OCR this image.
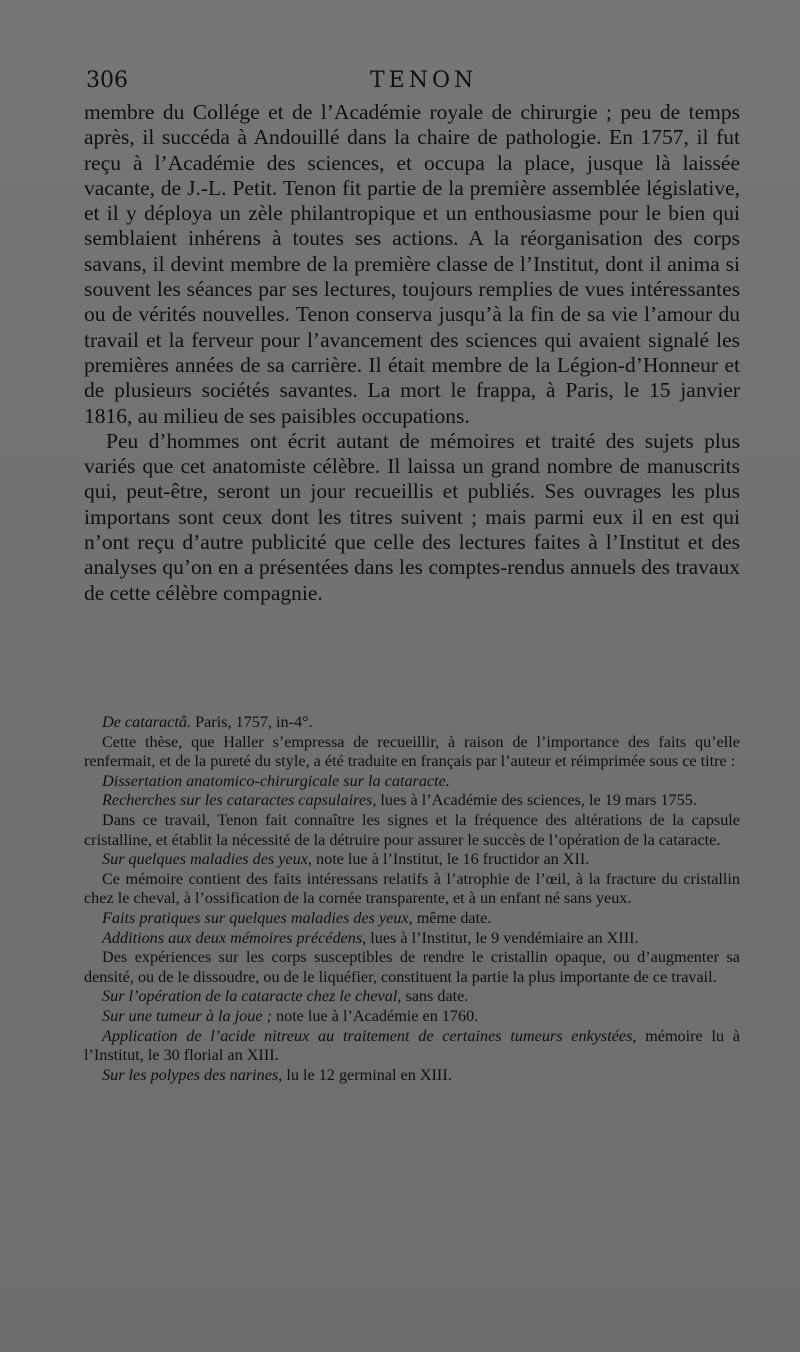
306	TENON

membre du Collége et de l’Académie royale de chirurgie ; peu de temps après, il succéda à Andouillé dans la chaire de pathologie. En 1757, il fut reçu à l’Académie des sciences, et occupa la place, jusque là laissée vacante, de J.-L. Petit. Tenon fit partie de la première assemblée législative, et il y déploya un zèle philantropique et un enthousiasme pour le bien qui semblaient inhérens à toutes ses actions. A la réorganisation des corps savans, il devint membre de la première classe de l’Institut, dont il anima si souvent les séances par ses lectures, toujours remplies de vues intéressantes ou de vérités nouvelles. Tenon conserva jusqu’à la fin de sa vie l’amour du travail et la ferveur pour l’avancement des sciences qui avaient signalé les premières années de sa carrière. Il était membre de la Légion-d’Honneur et de plusieurs sociétés savantes. La mort le frappa, à Paris, le 15 janvier 1816, au milieu de ses paisibles occupations.

Peu d’hommes ont écrit autant de mémoires et traité des sujets plus variés que cet anatomiste célèbre. Il laissa un grand nombre de manuscrits qui, peut-être, seront un jour recueillis et publiés. Ses ouvrages les plus importans sont ceux dont les titres suivent ; mais parmi eux il en est qui n’ont reçu d’autre publicité que celle des lectures faites à l’Institut et des analyses qu’on en a présentées dans les comptes-rendus annuels des travaux de cette célèbre compagnie.

De cataractâ. Paris, 1757, in-4°.

Cette thèse, que Haller s’empressa de recueillir, à raison de l’importance des faits qu’elle renfermait, et de la pureté du style, a été traduite en français par l’auteur et réimprimée sous ce titre :

Dissertation anatomico-chirurgicale sur la cataracte.

Recherches sur les cataractes capsulaires, lues à l’Académie des sciences, le 19 mars 1755.

Dans ce travail, Tenon fait connaître les signes et la fréquence des altérations de la capsule cristalline, et établit la nécessité de la détruire pour assurer le succès de l’opération de la cataracte.

Sur quelques maladies des yeux, note lue à l’Institut, le 16 fructidor an XII.

Ce mémoire contient des faits intéressans relatifs à l’atrophie de l’œil, à la fracture du cristallin chez le cheval, à l’ossification de la cornée transparente, et à un enfant né sans yeux.

Faits pratiques sur quelques maladies des yeux, même date.

Additions aux deux mémoires précédens, lues à l’Institut, le 9 vendémiaire an XIII.

Des expériences sur les corps susceptibles de rendre le cristallin opaque, ou d’augmenter sa densité, ou de le dissoudre, ou de le liquéfier, constituent la partie la plus importante de ce travail.

Sur l’opération de la cataracte chez le cheval, sans date.

Sur une tumeur à la joue ; note lue à l’Académie en 1760.

Application de l’acide nitreux au traitement de certaines tumeurs enkystées, mémoire lu à l’Institut, le 30 florial an XIII.

Sur les polypes des narines, lu le 12 germinal en XIII.
